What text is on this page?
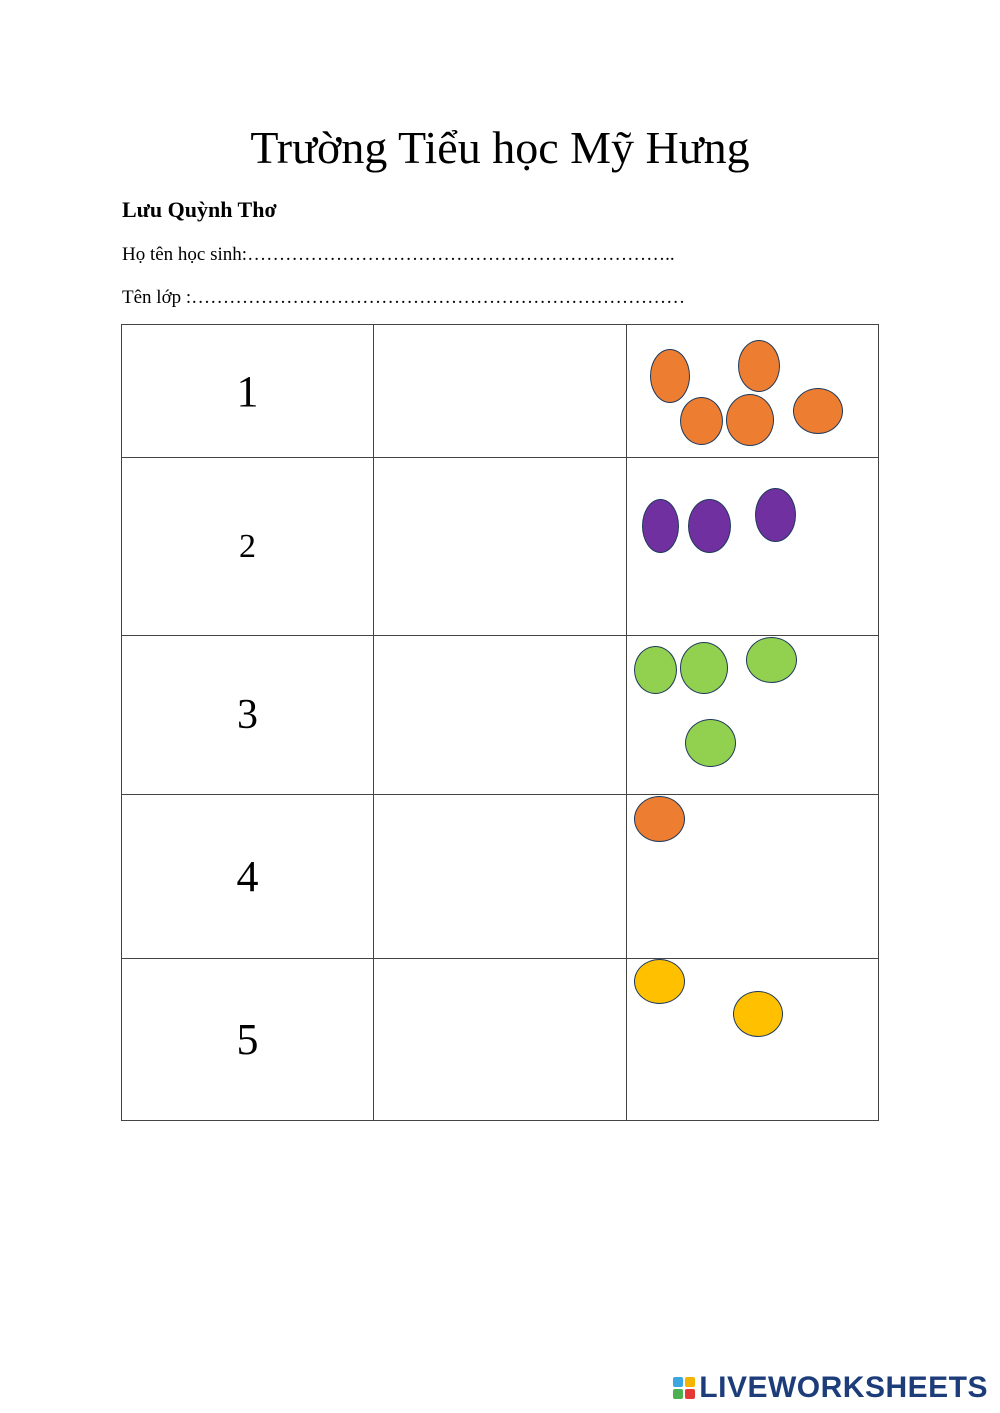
Trường Tiểu học Mỹ Hưng
Lưu Quỳnh Thơ
Họ tên học sinh:…………………………………………………………..
Tên lớp :……………………………………………………………………
1
2
3
4
5
LIVEWORKSHEETS
